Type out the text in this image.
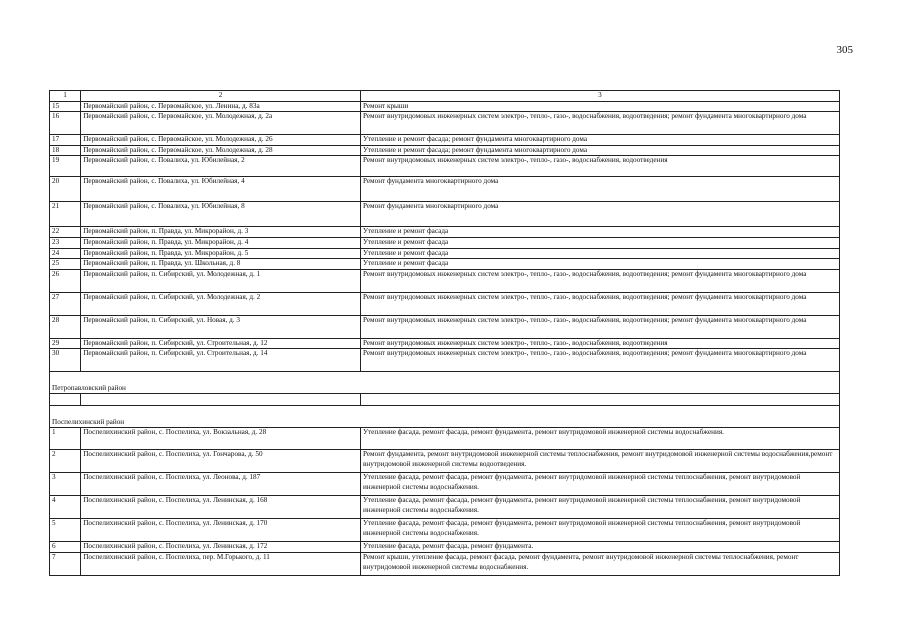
305
1	2	3
15	Первомайский район, с. Первомайское, ул. Ленина, д. 83а	Ремонт крыши
16	Первомайский район, с. Первомайское, ул. Молодежная, д. 2а	Ремонт внутридомовых инженерных систем электро-, тепло-, газо-, водоснабжения, водоотведения; ремонт фундамента многоквартирного дома
17	Первомайский район, с. Первомайское, ул. Молодежная, д. 26	Утепление и ремонт фасада; ремонт фундамента многоквартирного дома
18	Первомайский район, с. Первомайское, ул. Молодежная, д. 28	Утепление и ремонт фасада; ремонт фундамента многоквартирного дома
19	Первомайский район, с. Повалиха, ул. Юбилейная, 2	Ремонт внутридомовых инженерных систем электро-, тепло-, газо-, водоснабжения, водоотведения
20	Первомайский район, с. Повалиха, ул. Юбилейная, 4	Ремонт фундамента многоквартирного дома
21	Первомайский район, с. Повалиха, ул. Юбилейная, 8	Ремонт фундамента многоквартирного дома
22	Первомайский район, п. Правда, ул. Микрорайон, д. 3	Утепление и ремонт фасада
23	Первомайский район, п. Правда, ул. Микрорайон, д. 4	Утепление и ремонт фасада
24	Первомайский район, п. Правда, ул. Микрорайон, д. 5	Утепление и ремонт фасада
25	Первомайский район, п. Правда, ул. Школьная, д. 8	Утепление и ремонт фасада
26	Первомайский район, п. Сибирский, ул. Молодежная, д. 1	Ремонт внутридомовых инженерных систем электро-, тепло-, газо-, водоснабжения, водоотведения; ремонт фундамента многоквартирного дома
27	Первомайский район, п. Сибирский, ул. Молодежная, д. 2	Ремонт внутридомовых инженерных систем электро-, тепло-, газо-, водоснабжения, водоотведения; ремонт фундамента многоквартирного дома
28	Первомайский район, п. Сибирский, ул. Новая, д. 3	Ремонт внутридомовых инженерных систем электро-, тепло-, газо-, водоснабжения, водоотведения; ремонт фундамента многоквартирного дома
29	Первомайский район, п. Сибирский, ул. Строительная, д. 12	Ремонт внутридомовых инженерных систем электро-, тепло-, газо-, водоснабжения, водоотведения
30	Первомайский район, п. Сибирский, ул. Строительная, д. 14	Ремонт внутридомовых инженерных систем электро-, тепло-, газо-, водоснабжения, водоотведения; ремонт фундамента многоквартирного дома
Петропавловский район		

Поспелихинский район		
1	Поспелихинский район, с. Поспелиха, ул. Вокзальная, д. 28	Утепление фасада, ремонт фасада, ремонт фундамента, ремонт внутридомовой инженерной системы водоснабжения.
2	Поспелихинский район, с. Поспелиха, ул. Гончарова, д. 50	Ремонт фундамента, ремонт внутридомовой инженерной системы теплоснабжения, ремонт внутридомовой инженерной системы водоснабжения,ремонт внутридомовой инженерной системы водоотведения.
3	Поспелихинский район, с. Поспелиха, ул. Леонова, д. 187	Утепление фасада, ремонт фасада, ремонт фундамента, ремонт внутридомовой инженерной системы теплоснабжения, ремонт внутридомовой инженерной системы водоснабжения.
4	Поспелихинский район, с. Поспелиха, ул. Ленинская, д. 168	Утепление фасада, ремонт фасада, ремонт фундамента, ремонт внутридомовой инженерной системы теплоснабжения, ремонт внутридомовой инженерной системы водоснабжения.
5	Поспелихинский район, с. Поспелиха, ул. Ленинская, д. 170	Утепление фасада, ремонт фасада, ремонт фундамента, ремонт внутридомовой инженерной системы теплоснабжения, ремонт внутридомовой инженерной системы водоснабжения.
6	Поспелихинский район, с. Поспелиха, ул. Ленинская, д. 172	Утепление фасада, ремонт фасада, ремонт фундамента.
7	Поспелихинский район, с. Поспелиха, пер. М.Горького, д. 11	Ремонт крыши, утепление фасада, ремонт фасада, ремонт фундамента, ремонт внутридомовой инженерной системы теплоснабжения, ремонт внутридомовой инженерной системы водоснабжения.
